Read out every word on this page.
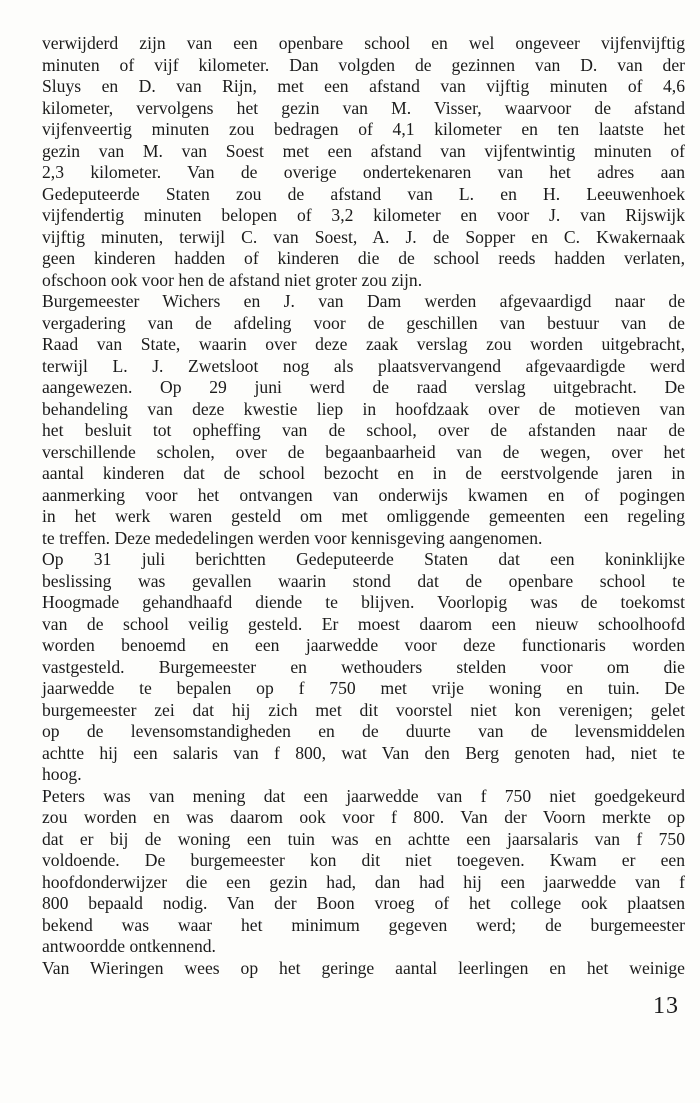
verwijderd zijn van een openbare school en wel ongeveer vijfenvijftig
minuten of vijf kilometer. Dan volgden de gezinnen van D. van der
Sluys en D. van Rijn, met een afstand van vijftig minuten of 4,6
kilometer, vervolgens het gezin van M. Visser, waarvoor de afstand
vijfenveertig minuten zou bedragen of 4,1 kilometer en ten laatste het
gezin van M. van Soest met een afstand van vijfentwintig minuten of
2,3 kilometer. Van de overige ondertekenaren van het adres aan
Gedeputeerde Staten zou de afstand van L. en H. Leeuwenhoek
vijfendertig minuten belopen of 3,2 kilometer en voor J. van Rijswijk
vijftig minuten, terwijl C. van Soest, A. J. de Sopper en C. Kwakernaak
geen kinderen hadden of kinderen die de school reeds hadden verlaten,
ofschoon ook voor hen de afstand niet groter zou zijn.
Burgemeester Wichers en J. van Dam werden afgevaardigd naar de
vergadering van de afdeling voor de geschillen van bestuur van de
Raad van State, waarin over deze zaak verslag zou worden uitgebracht,
terwijl L. J. Zwetsloot nog als plaatsvervangend afgevaardigde werd
aangewezen. Op 29 juni werd de raad verslag uitgebracht. De
behandeling van deze kwestie liep in hoofdzaak over de motieven van
het besluit tot opheffing van de school, over de afstanden naar de
verschillende scholen, over de begaanbaarheid van de wegen, over het
aantal kinderen dat de school bezocht en in de eerstvolgende jaren in
aanmerking voor het ontvangen van onderwijs kwamen en of pogingen
in het werk waren gesteld om met omliggende gemeenten een regeling
te treffen. Deze mededelingen werden voor kennisgeving aangenomen.
Op 31 juli berichtten Gedeputeerde Staten dat een koninklijke
beslissing was gevallen waarin stond dat de openbare school te
Hoogmade gehandhaafd diende te blijven. Voorlopig was de toekomst
van de school veilig gesteld. Er moest daarom een nieuw schoolhoofd
worden benoemd en een jaarwedde voor deze functionaris worden
vastgesteld. Burgemeester en wethouders stelden voor om die
jaarwedde te bepalen op f 750 met vrije woning en tuin. De
burgemeester zei dat hij zich met dit voorstel niet kon verenigen; gelet
op de levensomstandigheden en de duurte van de levensmiddelen
achtte hij een salaris van f 800, wat Van den Berg genoten had, niet te
hoog.
Peters was van mening dat een jaarwedde van f 750 niet goedgekeurd
zou worden en was daarom ook voor f 800. Van der Voorn merkte op
dat er bij de woning een tuin was en achtte een jaarsalaris van f 750
voldoende. De burgemeester kon dit niet toegeven. Kwam er een
hoofdonderwijzer die een gezin had, dan had hij een jaarwedde van f
800 bepaald nodig. Van der Boon vroeg of het college ook plaatsen
bekend was waar het minimum gegeven werd; de burgemeester
antwoordde ontkennend.
Van Wieringen wees op het geringe aantal leerlingen en het weinige
13
